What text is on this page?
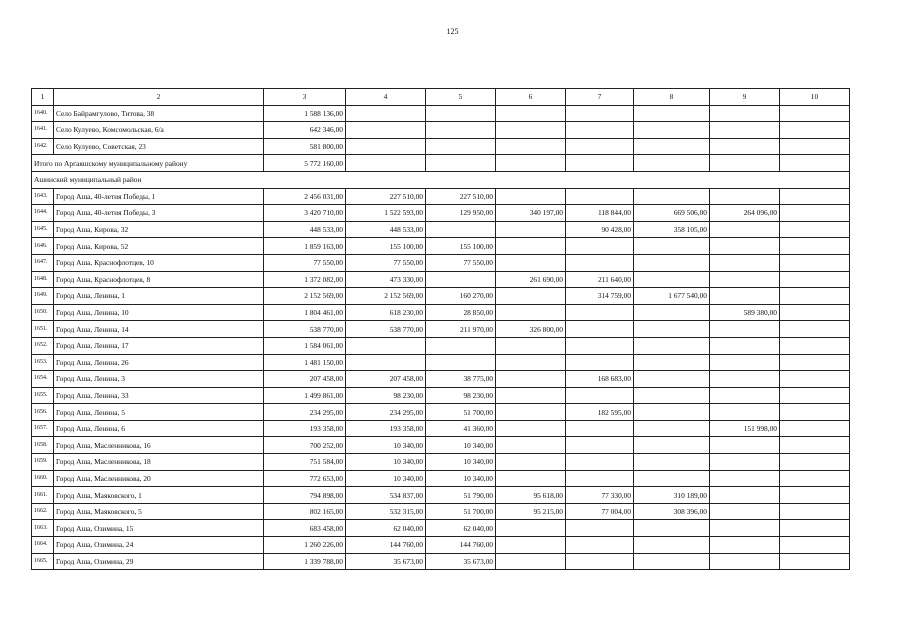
125
1	2	3	4	5	6	7	8	9	10
1640.	Село Байрамгулово, Титова, 38	1 588 136,00							
1641.	Село Кулуево, Комсомольская, 6/а	642 346,00							
1642.	Село Кулуево, Советская, 23	581 800,00							
Итого по Аргаяшскому муниципальному району		5 772 160,00							
Ашинский муниципальный район									
1643.	Город Аша, 40-летия Победы, 1	2 456 031,00	227 510,00	227 510,00					
1644.	Город Аша, 40-летия Победы, 3	3 420 710,00	1 522 593,00	129 950,00	340 197,00	118 844,00	669 506,00	264 096,00	
1645.	Город Аша, Кирова, 32	448 533,00	448 533,00			90 428,00	358 105,00		
1646.	Город Аша, Кирова, 52	1 859 163,00	155 100,00	155 100,00					
1647.	Город Аша, Краснофлотцев, 10	77 550,00	77 550,00	77 550,00					
1648.	Город Аша, Краснофлотцев, 8	1 372 082,00	473 330,00		261 690,00	211 640,00			
1649.	Город Аша, Ленина, 1	2 152 569,00	2 152 569,00	160 270,00		314 759,00	1 677 540,00		
1650.	Город Аша, Ленина, 10	1 804 461,00	618 230,00	28 850,00				589 380,00	
1651.	Город Аша, Ленина, 14	538 770,00	538 770,00	211 970,00	326 800,00				
1652.	Город Аша, Ленина, 17	1 584 061,00							
1653.	Город Аша, Ленина, 26	1 481 150,00							
1654.	Город Аша, Ленина, 3	207 458,00	207 458,00	38 775,00		168 683,00			
1655.	Город Аша, Ленина, 33	1 499 861,00	98 230,00	98 230,00					
1656.	Город Аша, Ленина, 5	234 295,00	234 295,00	51 700,00		182 595,00			
1657.	Город Аша, Ленина, 6	193 358,00	193 358,00	41 360,00				151 998,00	
1658.	Город Аша, Масленникова, 16	700 252,00	10 340,00	10 340,00					
1659.	Город Аша, Масленникова, 18	751 584,00	10 340,00	10 340,00					
1660.	Город Аша, Масленникова, 20	772 653,00	10 340,00	10 340,00					
1661.	Город Аша, Маяковского, 1	794 898,00	534 837,00	51 790,00	95 618,00	77 330,00	310 189,00		
1662.	Город Аша, Маяковского, 5	802 165,00	532 315,00	51 700,00	95 215,00	77 004,00	308 396,00		
1663.	Город Аша, Озимина, 15	683 458,00	62 040,00	62 040,00					
1664.	Город Аша, Озимина, 24	1 260 226,00	144 760,00	144 760,00					
1665.	Город Аша, Озимина, 29	1 339 788,00	35 673,00	35 673,00					
